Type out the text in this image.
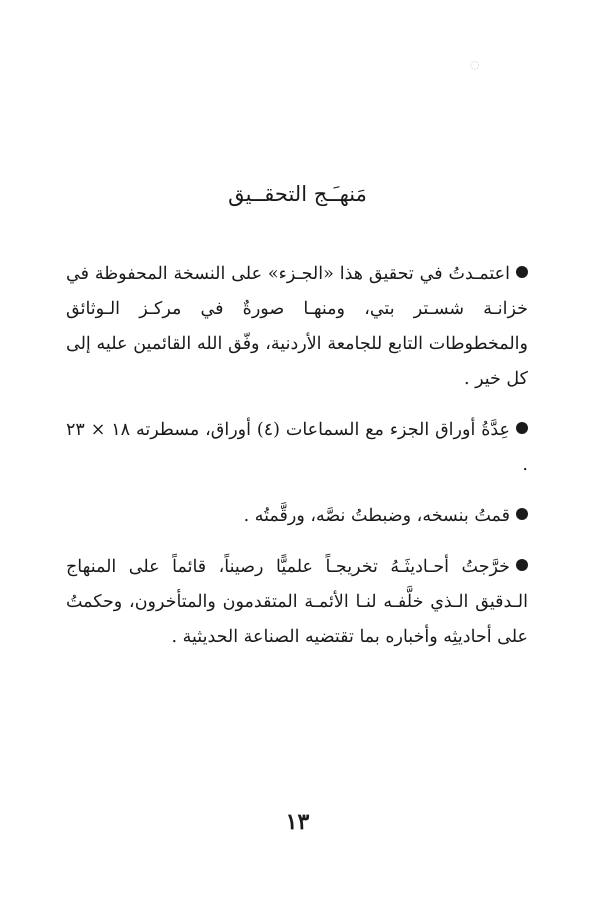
◌
مَنهـَـج التحقــيق

اعتمـدتُ في تحقيق هذا «الجـزء» على النسخة المحفوظة في خزانـة شسـتر بتي، ومنهـا صورةٌ في مركـز الـوثائق والمخطوطات التابع للجامعة الأردنية، وفّق الله القائمين عليه إلى كل خير .

عِدَّةُ أوراق الجزء مع السماعات (٤) أوراق، مسطرته ١٨ × ٢٣ .

قمتُ بنسخه، وضبطتُ نصَّه، ورقَّمتُه .

خرَّجتُ أحـاديثَـهُ تخريجـاً علميًّا رصيناً، قائماً على المنهاج الـدقيق الـذي خلَّفـه لنـا الأئمـة المتقدمون والمتأخرون، وحكمتُ على أحاديثِه وأخباره بما تقتضيه الصناعة الحديثية .

١٣
